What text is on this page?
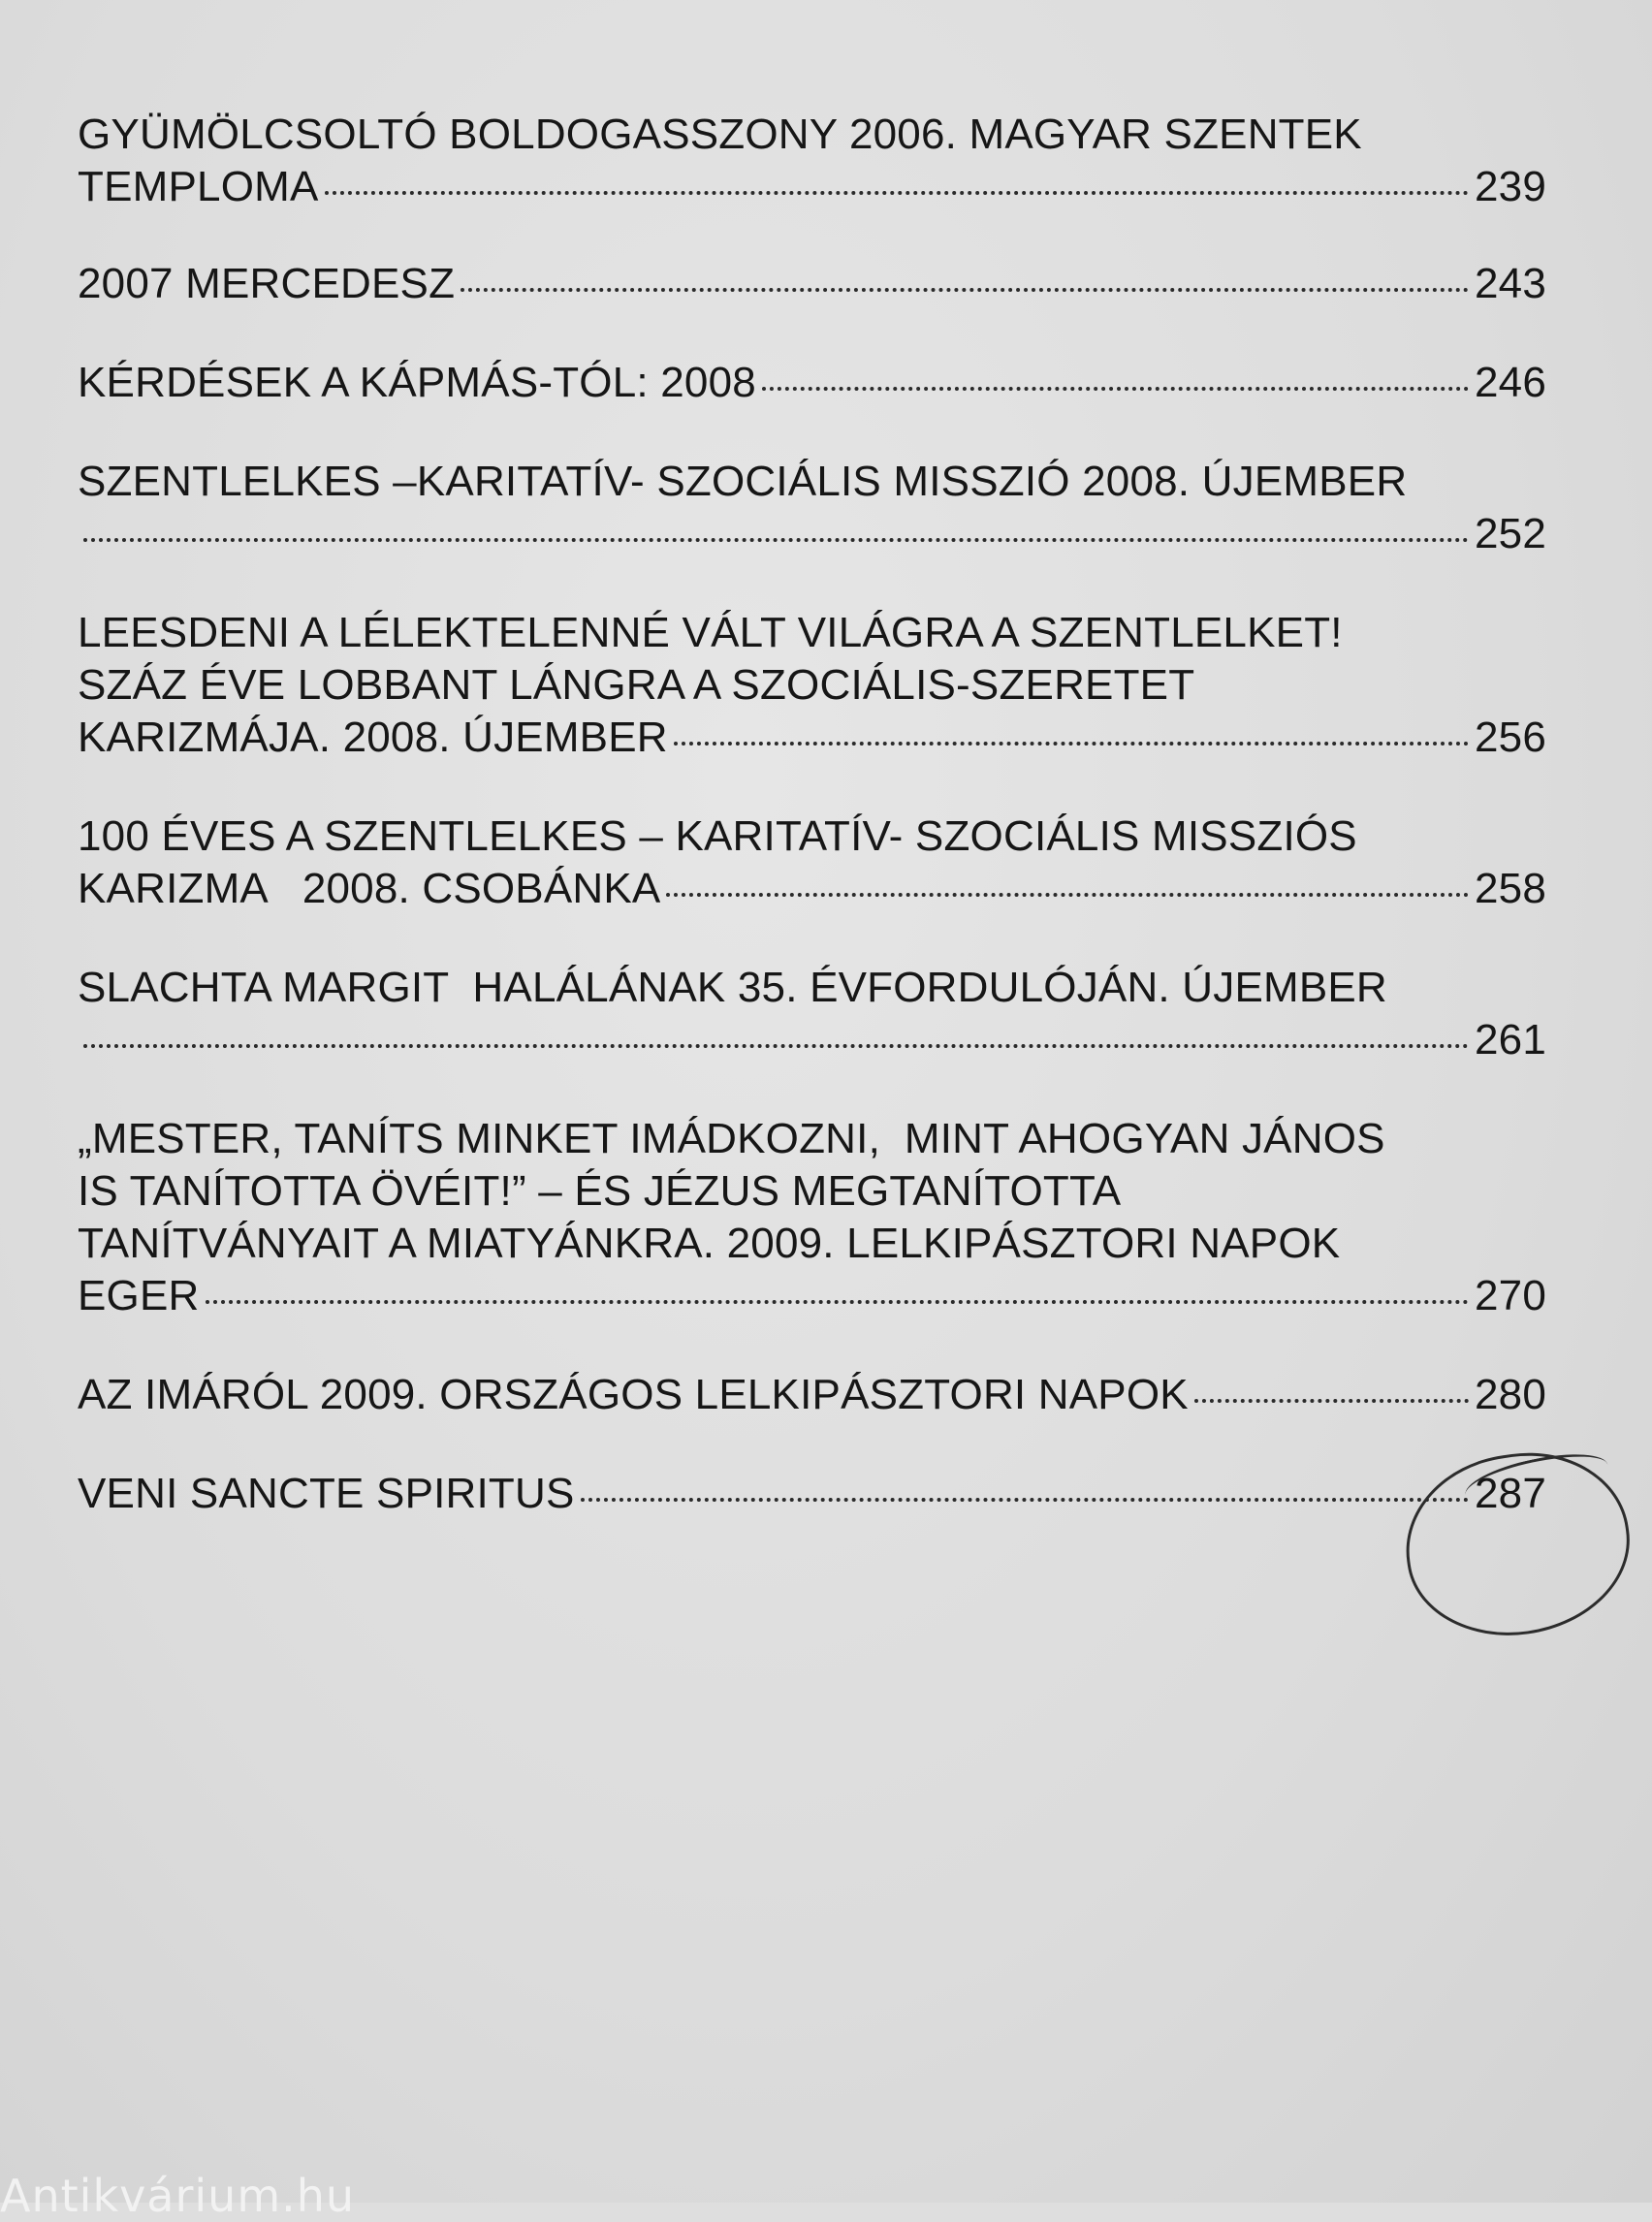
GYÜMÖLCSOLTÓ BOLDOGASSZONY 2006. MAGYAR SZENTEK
TEMPLOMA	239
2007 MERCEDESZ	243
KÉRDÉSEK A KÁPMÁS-TÓL: 2008	246
SZENTLELKES –KARITATÍV- SZOCIÁLIS MISSZIÓ 2008. ÚJEMBER
252
LEESDENI A LÉLEKTELENNÉ VÁLT VILÁGRA A SZENTLELKET!
SZÁZ ÉVE LOBBANT LÁNGRA A SZOCIÁLIS-SZERETET
KARIZMÁJA. 2008. ÚJEMBER	256
100 ÉVES A SZENTLELKES – KARITATÍV- SZOCIÁLIS MISSZIÓS
KARIZMA   2008. CSOBÁNKA	258
SLACHTA MARGIT  HALÁLÁNAK 35. ÉVFORDULÓJÁN. ÚJEMBER
261
„MESTER, TANÍTS MINKET IMÁDKOZNI,  MINT AHOGYAN JÁNOS
IS TANÍTOTTA ÖVÉIT!” – ÉS JÉZUS MEGTANÍTOTTA
TANÍTVÁNYAIT A MIATYÁNKRA. 2009. LELKIPÁSZTORI NAPOK
EGER	270
AZ IMÁRÓL 2009. ORSZÁGOS LELKIPÁSZTORI NAPOK	280
VENI SANCTE SPIRITUS	287
Antikvárium.hu
